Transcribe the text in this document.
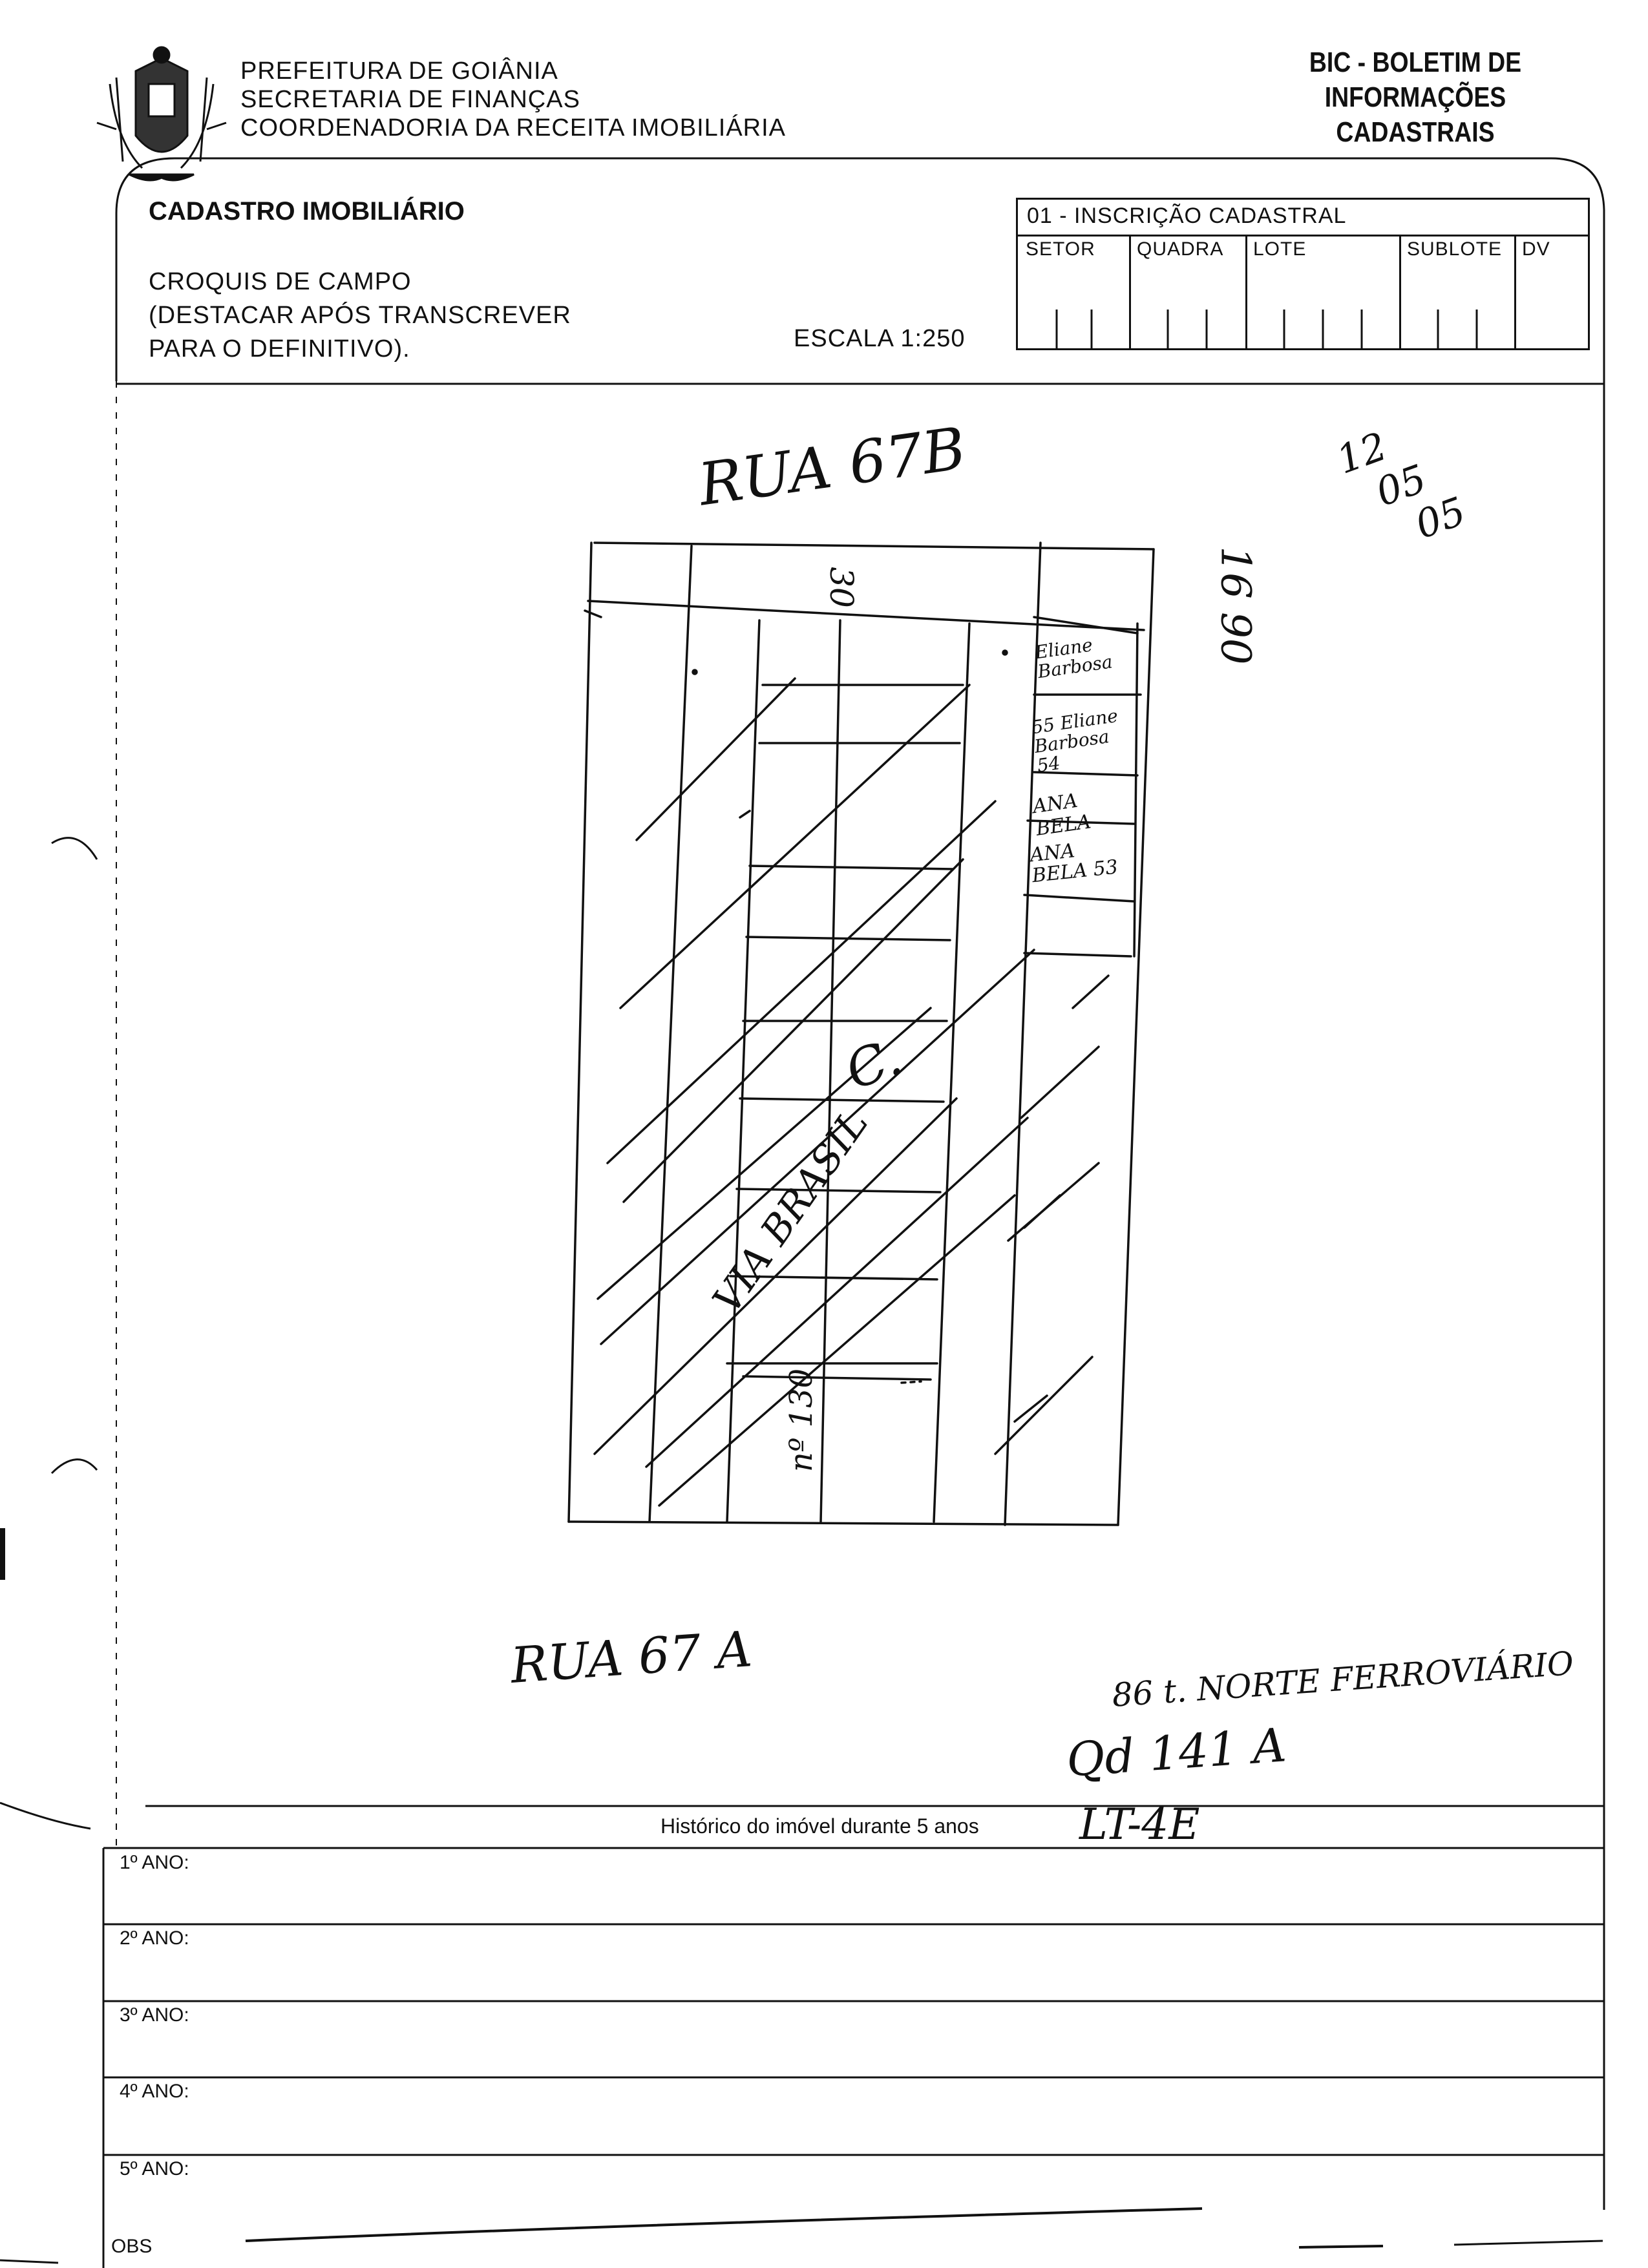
PREFEITURA DE GOIÂNIA
SECRETARIA DE FINANÇAS
COORDENADORIA DA RECEITA IMOBILIÁRIA
BIC - BOLETIM DE
INFORMAÇÕES CADASTRAIS
CADASTRO IMOBILIÁRIO
CROQUIS DE CAMPO
(DESTACAR APÓS TRANSCREVER
PARA O DEFINITIVO).	ESCALA 1:250
01 - INSCRIÇÃO CADASTRAL
SETOR QUADRA LOTE	SUBLOTE DV
RUA 67B
RUA 67 A
12
05
05
30	16 90
VIA BRASIL
nº 130
C.
Eliane Barbosa
55 Eliane Barbosa 54
ANA BELA
ANA BELA 53
86 t. NORTE FERROVIÁRIO
Qd 141 A
LT-4E
Histórico do imóvel durante 5 anos
1º ANO:
2º ANO:
3º ANO:
4º ANO:
5º ANO:
OBS
